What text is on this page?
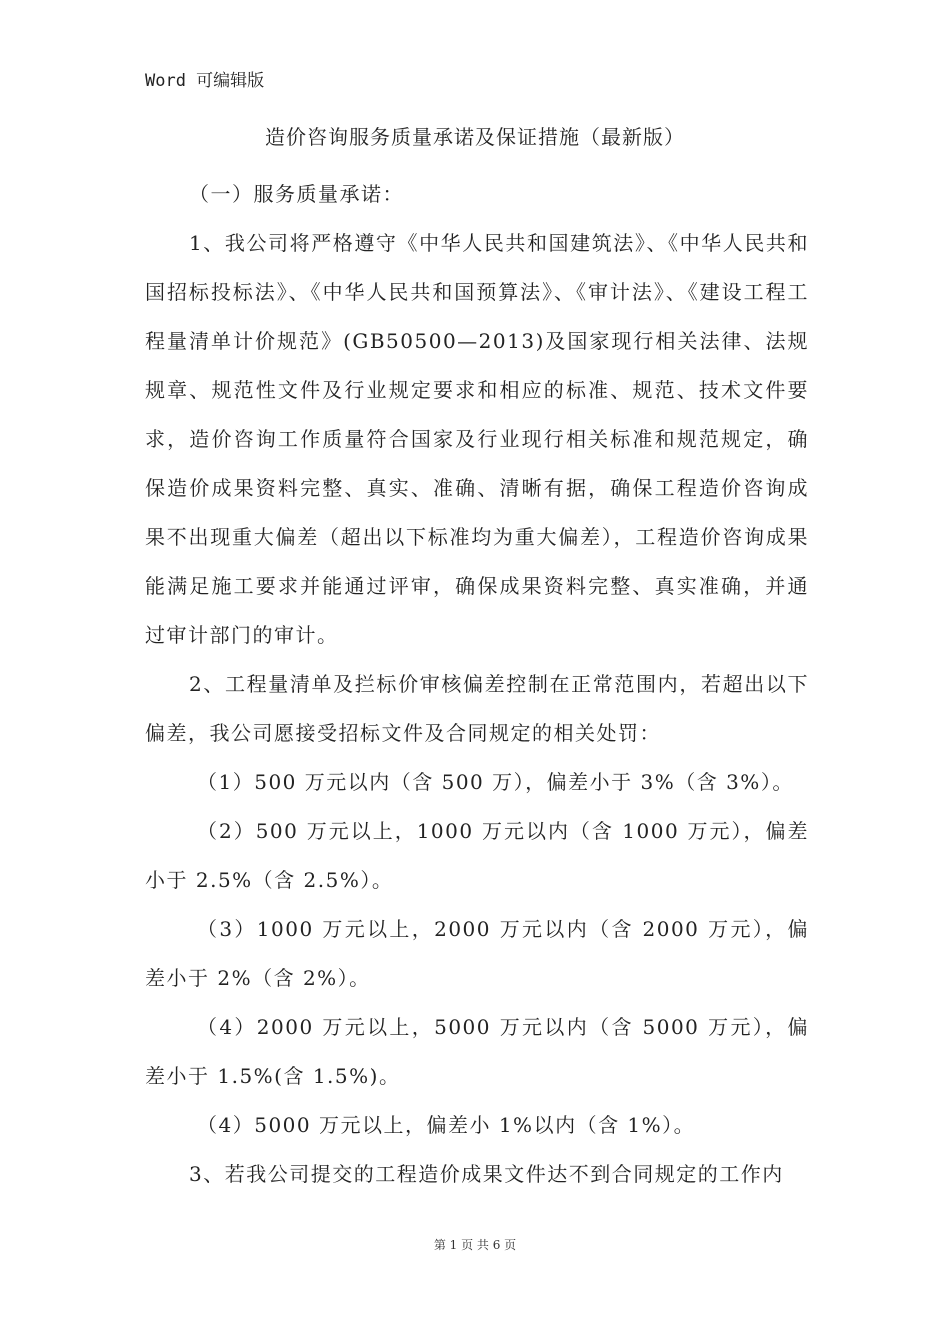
Word 可编辑版
造价咨询服务质量承诺及保证措施（最新版）

（一）服务质量承诺：

1、我公司将严格遵守《中华人民共和国建筑法》、《中华人民共和国招标投标法》、《中华人民共和国预算法》、《审计法》、《建设工程工程量清单计价规范》(GB50500—2013)及国家现行相关法律、法规规章、规范性文件及行业规定要求和相应的标准、规范、技术文件要求，造价咨询工作质量符合国家及行业现行相关标准和规范规定，确保造价成果资料完整、真实、准确、清晰有据，确保工程造价咨询成果不出现重大偏差（超出以下标准均为重大偏差），工程造价咨询成果能满足施工要求并能通过评审，确保成果资料完整、真实准确，并通过审计部门的审计。

2、工程量清单及拦标价审核偏差控制在正常范围内，若超出以下偏差，我公司愿接受招标文件及合同规定的相关处罚：

（1）500 万元以内（含 500 万），偏差小于 3%（含 3%）。

（2）500 万元以上，1000 万元以内（含 1000 万元），偏差小于 2.5%（含 2.5%）。

（3）1000 万元以上，2000 万元以内（含 2000 万元），偏差小于 2%（含 2%）。

（4）2000 万元以上，5000 万元以内（含 5000 万元），偏差小于 1.5%(含 1.5%)。

（4）5000 万元以上，偏差小 1%以内（含 1%）。

3、若我公司提交的工程造价成果文件达不到合同规定的工作内

第 1 页 共 6 页
